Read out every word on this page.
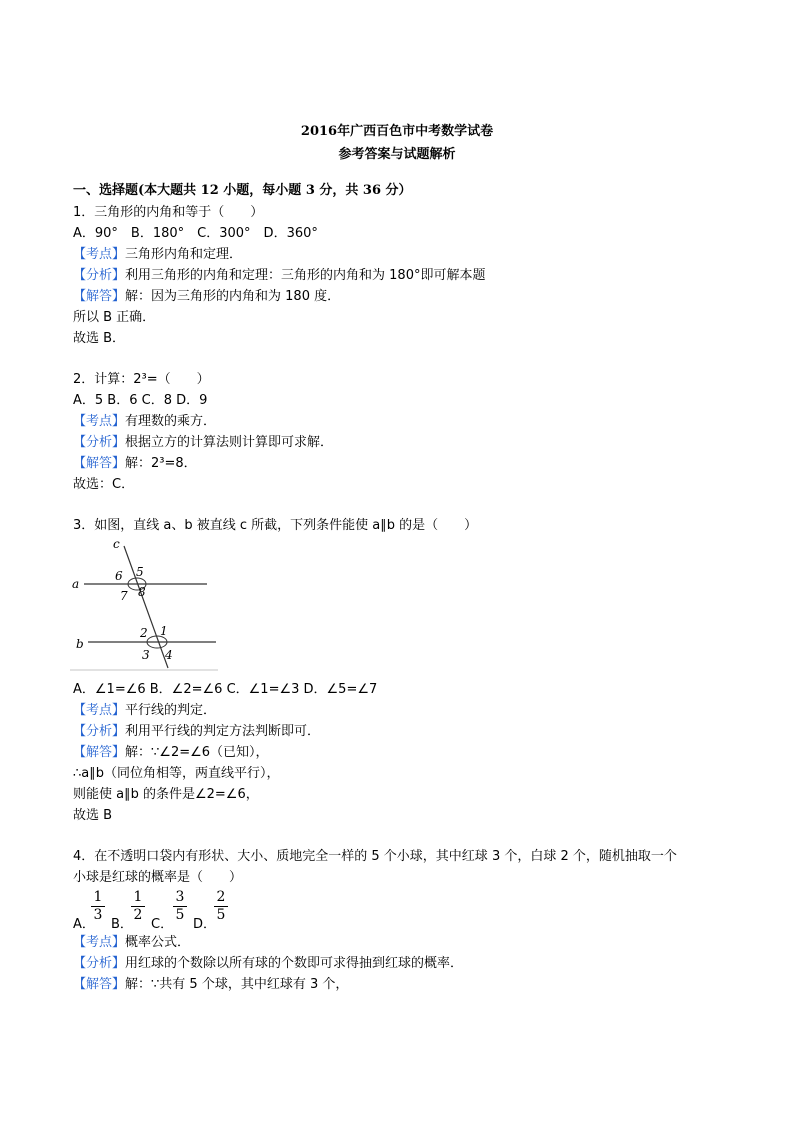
2016年广西百色市中考数学试卷
参考答案与试题解析
一、选择题(本大题共 12 小题，每小题 3 分，共 36 分）
1．三角形的内角和等于（　　）
A．90°　B．180°　C．300°　D．360°
【考点】三角形内角和定理．
【分析】利用三角形的内角和定理：三角形的内角和为 180°即可解本题
【解答】解：因为三角形的内角和为 180 度．
所以 B 正确．
故选 B．
2．计算：2³=（　　）
A．5 B．6 C．8 D．9
【考点】有理数的乘方．
【分析】根据立方的计算法则计算即可求解．
【解答】解：2³=8．
故选：C．
3．如图，直线 a、b 被直线 c 所截，下列条件能使 a∥b 的是（　　）
c
a
b
6 5
7 8
2 1
3 4
A．∠1=∠6 B．∠2=∠6 C．∠1=∠3 D．∠5=∠7
【考点】平行线的判定．
【分析】利用平行线的判定方法判断即可．
【解答】解：∵∠2=∠6（已知），
∴a∥b（同位角相等，两直线平行），
则能使 a∥b 的条件是∠2=∠6，
故选 B
4．在不透明口袋内有形状、大小、质地完全一样的 5 个小球，其中红球 3 个，白球 2 个，随机抽取一个
小球是红球的概率是（　　）
A．
1
3
B．
1
2
C．
3
5
D．
2
5
【考点】概率公式．
【分析】用红球的个数除以所有球的个数即可求得抽到红球的概率．
【解答】解：∵共有 5 个球，其中红球有 3 个，
